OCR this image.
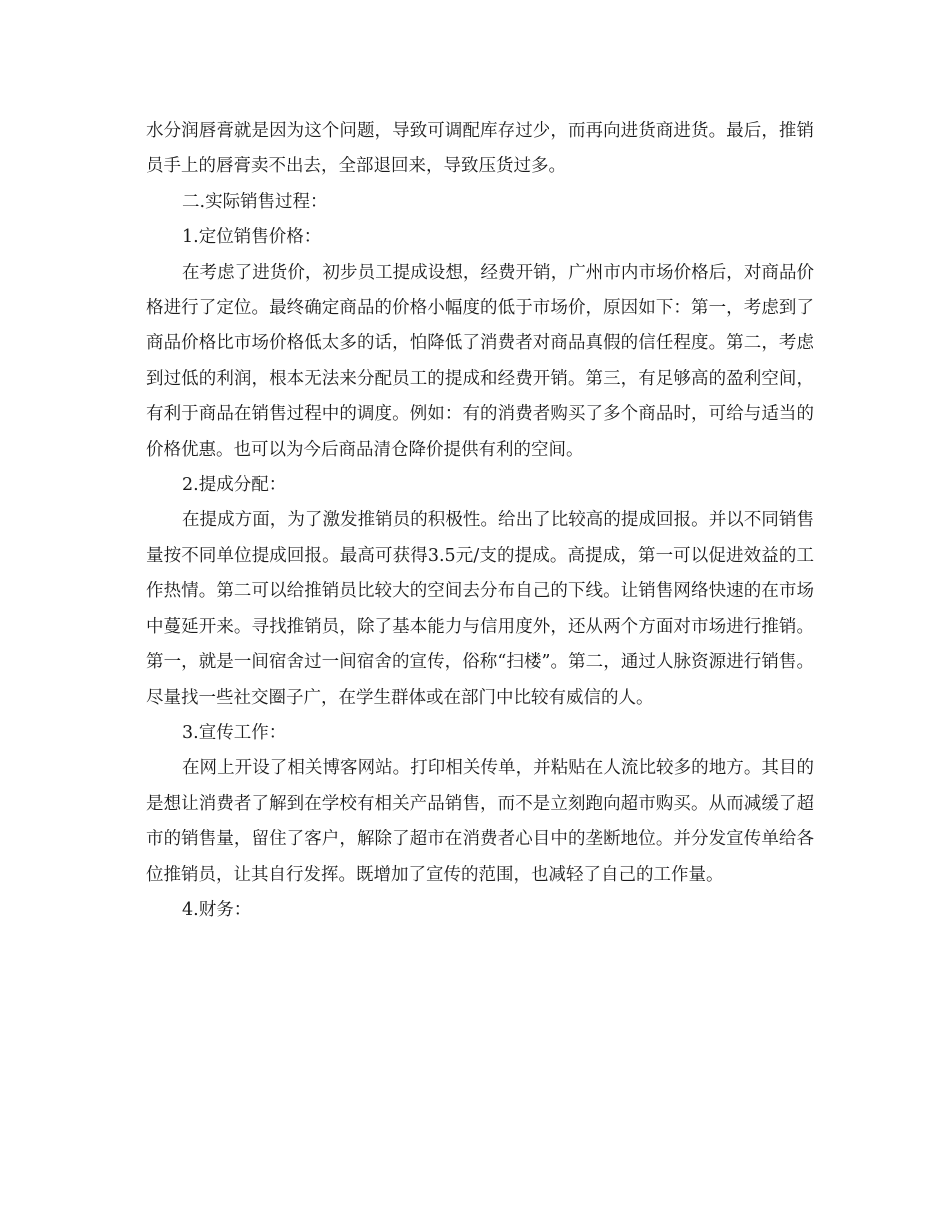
水分润唇膏就是因为这个问题，导致可调配库存过少，而再向进货商进货。最后，推销员手上的唇膏卖不出去，全部退回来，导致压货过多。

二.实际销售过程：

1.定位销售价格：

在考虑了进货价，初步员工提成设想，经费开销，广州市内市场价格后，对商品价格进行了定位。最终确定商品的价格小幅度的低于市场价，原因如下：第一，考虑到了商品价格比市场价格低太多的话，怕降低了消费者对商品真假的信任程度。第二，考虑到过低的利润，根本无法来分配员工的提成和经费开销。第三，有足够高的盈利空间，有利于商品在销售过程中的调度。例如：有的消费者购买了多个商品时，可给与适当的价格优惠。也可以为今后商品清仓降价提供有利的空间。

2.提成分配：

在提成方面，为了激发推销员的积极性。给出了比较高的提成回报。并以不同销售量按不同单位提成回报。最高可获得3.5元/支的提成。高提成，第一可以促进效益的工作热情。第二可以给推销员比较大的空间去分布自己的下线。让销售网络快速的在市场中蔓延开来。寻找推销员，除了基本能力与信用度外，还从两个方面对市场进行推销。第一，就是一间宿舍过一间宿舍的宣传，俗称“扫楼”。第二，通过人脉资源进行销售。尽量找一些社交圈子广，在学生群体或在部门中比较有威信的人。

3.宣传工作：

在网上开设了相关博客网站。打印相关传单，并粘贴在人流比较多的地方。其目的是想让消费者了解到在学校有相关产品销售，而不是立刻跑向超市购买。从而减缓了超市的销售量，留住了客户，解除了超市在消费者心目中的垄断地位。并分发宣传单给各位推销员，让其自行发挥。既增加了宣传的范围，也减轻了自己的工作量。

4.财务：
